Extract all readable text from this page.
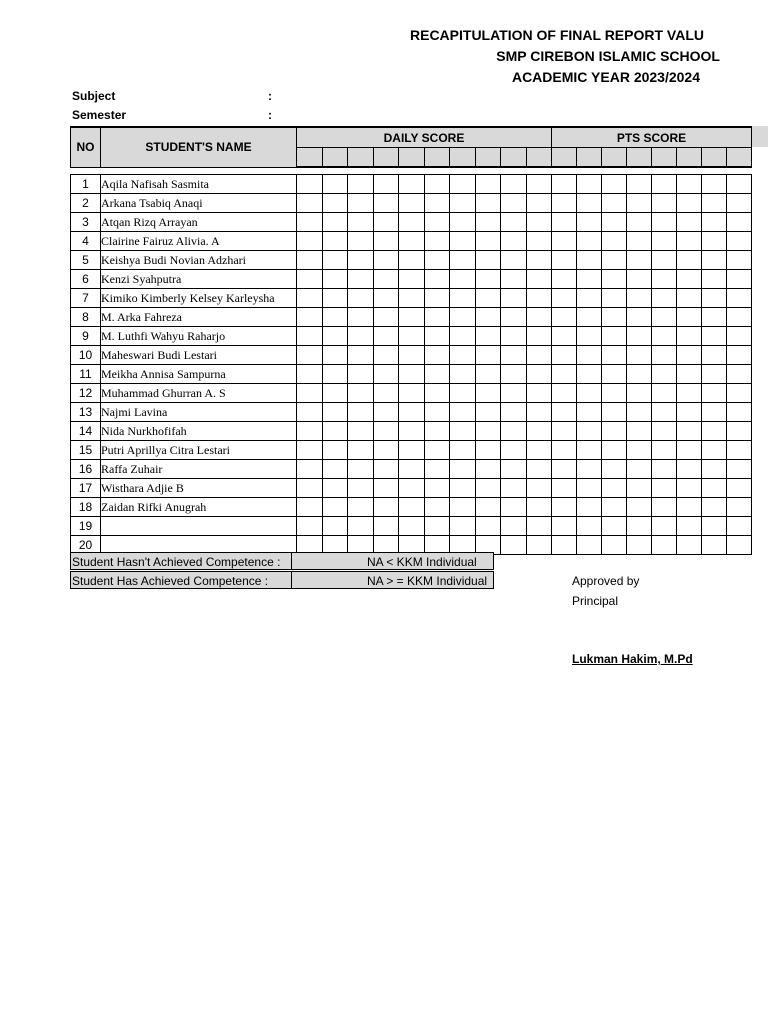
RECAPITULATION OF FINAL REPORT VALU
SMP CIREBON ISLAMIC SCHOOL
ACADEMIC YEAR 2023/2024
Subject	:
Semester	:
NO	STUDENT'S NAME	DAILY SCORE										PTS SCORE							

1	Aqila Nafisah Sasmita																		
2	Arkana Tsabiq Anaqi																		
3	Atqan Rizq Arrayan																		
4	Clairine Fairuz Alivia. A																		
5	Keishya Budi Novian Adzhari																		
6	Kenzi Syahputra																		
7	Kimiko Kimberly Kelsey Karleysha																		
8	M. Arka Fahreza																		
9	M. Luthfi Wahyu Raharjo																		
10	Maheswari Budi Lestari																		
11	Meikha Annisa Sampurna																		
12	Muhammad Ghurran A. S																		
13	Najmi Lavina																		
14	Nida Nurkhofifah																		
15	Putri Aprillya Citra Lestari																		
16	Raffa Zuhair																		
17	Wisthara Adjie B																		
18	Zaidan Rifki Anugrah																		
19																			
20																			
Student Hasn't Achieved Competence :	NA < KKM Individual
Student Has Achieved Competence :	NA > = KKM Individual	Approved by
Principal
Lukman Hakim, M.Pd
